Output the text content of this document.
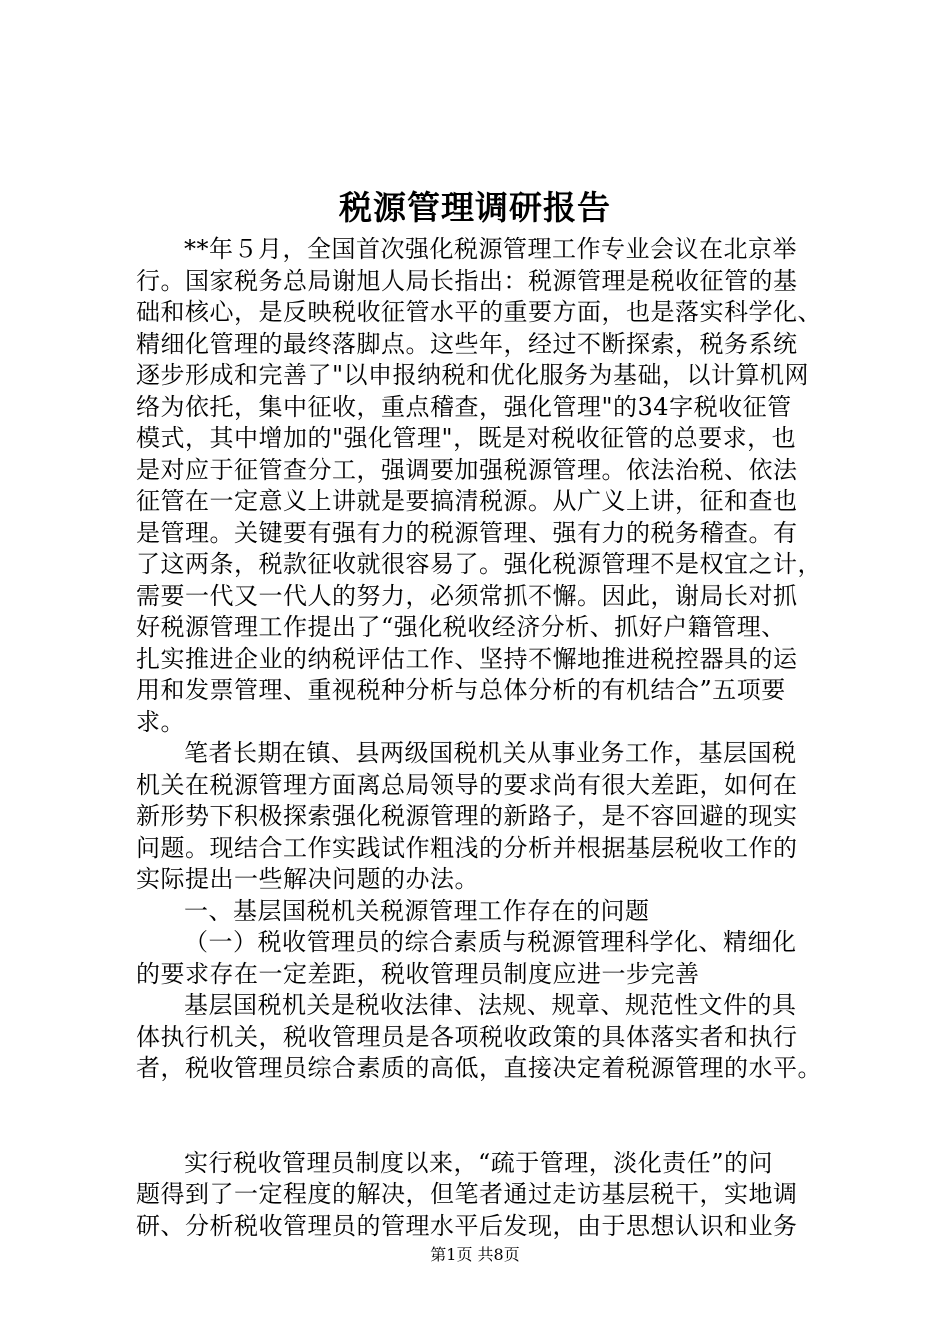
税源管理调研报告
**年５月，全国首次强化税源管理工作专业会议在北京举
行。国家税务总局谢旭人局长指出：税源管理是税收征管的基
础和核心，是反映税收征管水平的重要方面，也是落实科学化、
精细化管理的最终落脚点。这些年，经过不断探索，税务系统
逐步形成和完善了"以申报纳税和优化服务为基础，以计算机网
络为依托，集中征收，重点稽查，强化管理"的34字税收征管
模式，其中增加的"强化管理"，既是对税收征管的总要求，也
是对应于征管查分工，强调要加强税源管理。依法治税、依法
征管在一定意义上讲就是要搞清税源。从广义上讲，征和查也
是管理。关键要有强有力的税源管理、强有力的税务稽查。有
了这两条，税款征收就很容易了。强化税源管理不是权宜之计，
需要一代又一代人的努力，必须常抓不懈。因此，谢局长对抓
好税源管理工作提出了“强化税收经济分析、抓好户籍管理、
扎实推进企业的纳税评估工作、坚持不懈地推进税控器具的运
用和发票管理、重视税种分析与总体分析的有机结合”五项要
求。
笔者长期在镇、县两级国税机关从事业务工作，基层国税
机关在税源管理方面离总局领导的要求尚有很大差距，如何在
新形势下积极探索强化税源管理的新路子，是不容回避的现实
问题。现结合工作实践试作粗浅的分析并根据基层税收工作的
实际提出一些解决问题的办法。
一、基层国税机关税源管理工作存在的问题
（一）税收管理员的综合素质与税源管理科学化、精细化
的要求存在一定差距，税收管理员制度应进一步完善
基层国税机关是税收法律、法规、规章、规范性文件的具
体执行机关，税收管理员是各项税收政策的具体落实者和执行
者，税收管理员综合素质的高低，直接决定着税源管理的水平。
实行税收管理员制度以来，“疏于管理，淡化责任”的问
题得到了一定程度的解决，但笔者通过走访基层税干，实地调
研、分析税收管理员的管理水平后发现，由于思想认识和业务
第1页 共8页
